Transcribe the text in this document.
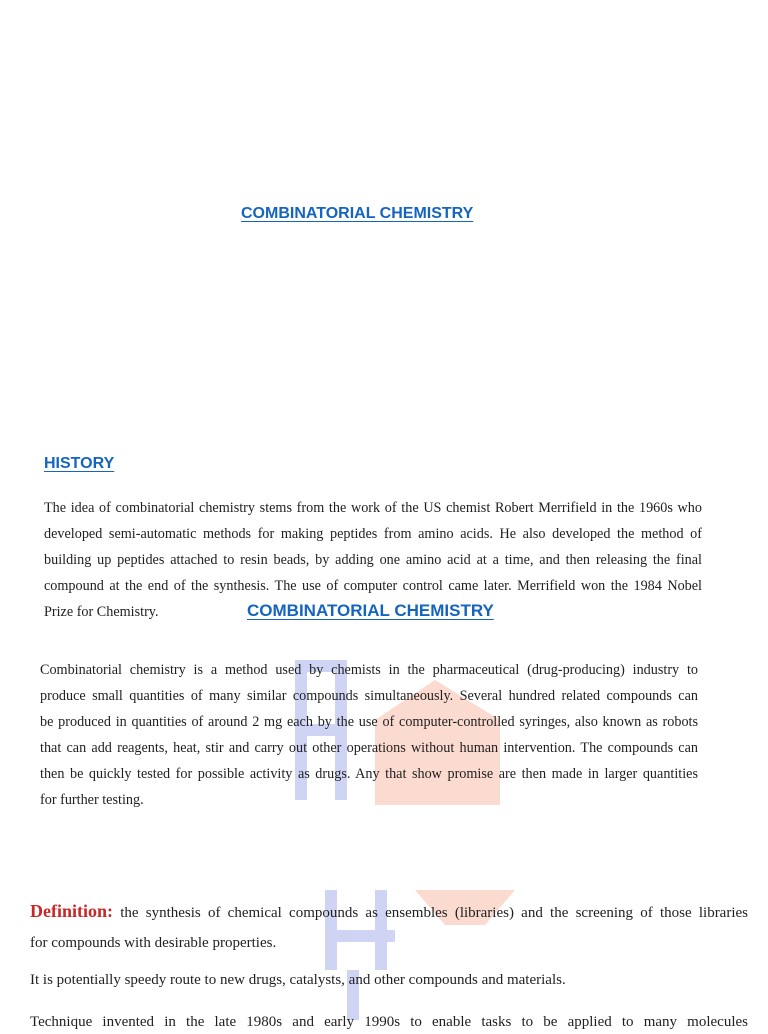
COMBINATORIAL CHEMISTRY
HISTORY
The idea of combinatorial chemistry stems from the work of the US chemist Robert Merrifield in the 1960s who
developed semi-automatic methods for making peptides from amino acids. He also developed the method of
building up peptides attached to resin beads, by adding one amino acid at a time, and then releasing the final
compound at the end of the synthesis. The use of computer control came later. Merrifield won the 1984 Nobel
Prize for Chemistry.	COMBINATORIAL CHEMISTRY
Combinatorial chemistry is a method used by chemists in the pharmaceutical (drug-producing) industry to
produce small quantities of many similar compounds simultaneously. Several hundred related compounds can
be produced in quantities of around 2 mg each by the use of computer-controlled syringes, also known as robots
that can add reagents, heat, stir and carry out other operations without human intervention. The compounds can
then be quickly tested for possible activity as drugs. Any that show promise are then made in larger quantities
for further testing.
Definition: the synthesis of chemical compounds as ensembles (libraries) and the screening of those libraries
for compounds with desirable properties.
It is potentially speedy route to new drugs, catalysts, and other compounds and materials.
Technique invented in the late 1980s and early 1990s to enable tasks to be applied to many molecules
